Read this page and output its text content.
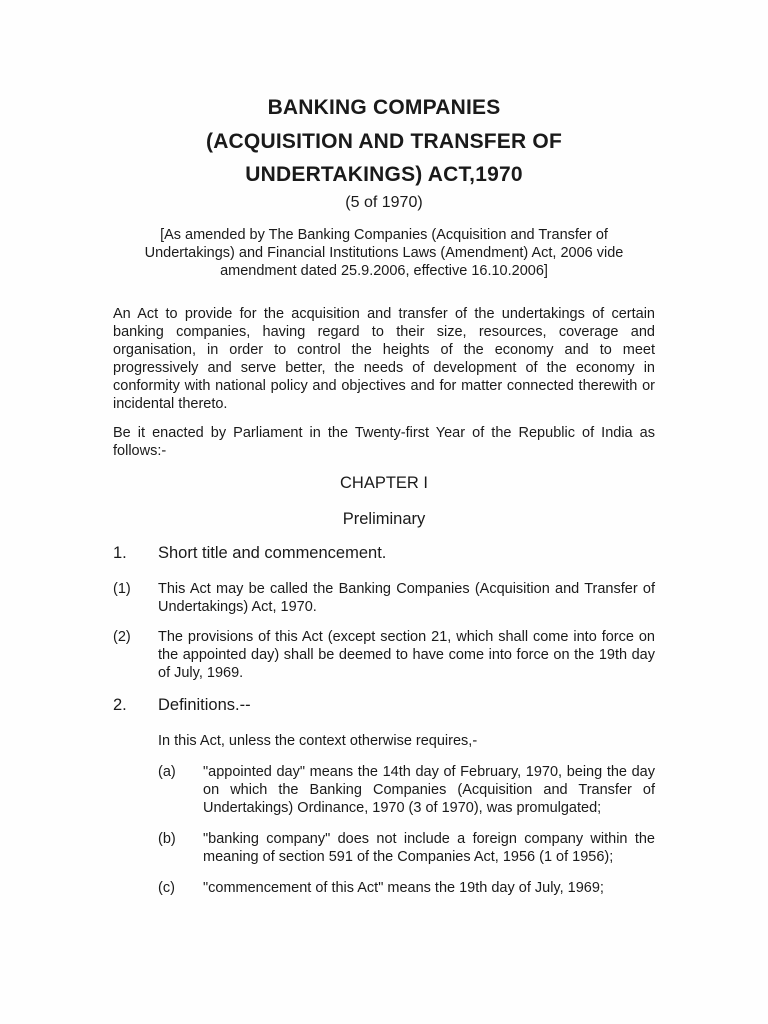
BANKING COMPANIES
(ACQUISITION AND TRANSFER OF
UNDERTAKINGS) ACT,1970
(5 of 1970)
[As amended by The Banking Companies (Acquisition and Transfer of Undertakings) and Financial Institutions Laws (Amendment) Act, 2006 vide amendment dated 25.9.2006, effective 16.10.2006]
An Act to provide for the acquisition and transfer of the undertakings of certain banking companies, having regard to their size, resources, coverage and organisation, in order to control the heights of the economy and to meet progressively and serve better, the needs of development of the economy in conformity with national policy and objectives and for matter connected therewith or incidental thereto.
Be it enacted by Parliament in the Twenty-first Year of the Republic of India as follows:-
CHAPTER I
Preliminary
1. Short title and commencement.
(1) This Act may be called the Banking Companies (Acquisition and Transfer of Undertakings) Act, 1970.
(2) The provisions of this Act (except section 21, which shall come into force on the appointed day) shall be deemed to have come into force on the 19th day of July, 1969.
2. Definitions.--
In this Act, unless the context otherwise requires,-
(a) "appointed day" means the 14th day of February, 1970, being the day on which the Banking Companies (Acquisition and Transfer of Undertakings) Ordinance, 1970 (3 of 1970), was promulgated;
(b) "banking company" does not include a foreign company within the meaning of section 591 of the Companies Act, 1956 (1 of 1956);
(c) "commencement of this Act" means the 19th day of July, 1969;
